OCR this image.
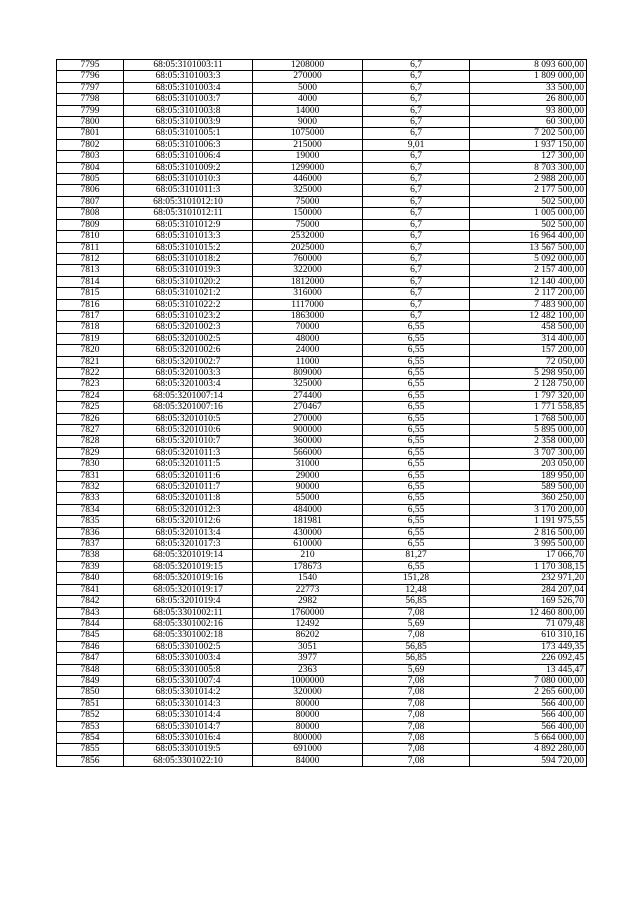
7795	68:05:3101003:11	1208000	6,7	8 093 600,00
7796	68:05:3101003:3	270000	6,7	1 809 000,00
7797	68:05:3101003:4	5000	6,7	33 500,00
7798	68:05:3101003:7	4000	6,7	26 800,00
7799	68:05:3101003:8	14000	6,7	93 800,00
7800	68:05:3101003:9	9000	6,7	60 300,00
7801	68:05:3101005:1	1075000	6,7	7 202 500,00
7802	68:05:3101006:3	215000	9,01	1 937 150,00
7803	68:05:3101006:4	19000	6,7	127 300,00
7804	68:05:3101009:2	1299000	6,7	8 703 300,00
7805	68:05:3101010:3	446000	6,7	2 988 200,00
7806	68:05:3101011:3	325000	6,7	2 177 500,00
7807	68:05:3101012:10	75000	6,7	502 500,00
7808	68:05:3101012:11	150000	6,7	1 005 000,00
7809	68:05:3101012:9	75000	6,7	502 500,00
7810	68:05:3101013:3	2532000	6,7	16 964 400,00
7811	68:05:3101015:2	2025000	6,7	13 567 500,00
7812	68:05:3101018:2	760000	6,7	5 092 000,00
7813	68:05:3101019:3	322000	6,7	2 157 400,00
7814	68:05:3101020:2	1812000	6,7	12 140 400,00
7815	68:05:3101021:2	316000	6,7	2 117 200,00
7816	68:05:3101022:2	1117000	6,7	7 483 900,00
7817	68:05:3101023:2	1863000	6,7	12 482 100,00
7818	68:05:3201002:3	70000	6,55	458 500,00
7819	68:05:3201002:5	48000	6,55	314 400,00
7820	68:05:3201002:6	24000	6,55	157 200,00
7821	68:05:3201002:7	11000	6,55	72 050,00
7822	68:05:3201003:3	809000	6,55	5 298 950,00
7823	68:05:3201003:4	325000	6,55	2 128 750,00
7824	68:05:3201007:14	274400	6,55	1 797 320,00
7825	68:05:3201007:16	270467	6,55	1 771 558,85
7826	68:05:3201010:5	270000	6,55	1 768 500,00
7827	68:05:3201010:6	900000	6,55	5 895 000,00
7828	68:05:3201010:7	360000	6,55	2 358 000,00
7829	68:05:3201011:3	566000	6,55	3 707 300,00
7830	68:05:3201011:5	31000	6,55	203 050,00
7831	68:05:3201011:6	29000	6,55	189 950,00
7832	68:05:3201011:7	90000	6,55	589 500,00
7833	68:05:3201011:8	55000	6,55	360 250,00
7834	68:05:3201012:3	484000	6,55	3 170 200,00
7835	68:05:3201012:6	181981	6,55	1 191 975,55
7836	68:05:3201013:4	430000	6,55	2 816 500,00
7837	68:05:3201017:3	610000	6,55	3 995 500,00
7838	68:05:3201019:14	210	81,27	17 066,70
7839	68:05:3201019:15	178673	6,55	1 170 308,15
7840	68:05:3201019:16	1540	151,28	232 971,20
7841	68:05:3201019:17	22773	12,48	284 207,04
7842	68:05:3201019:4	2982	56,85	169 526,70
7843	68:05:3301002:11	1760000	7,08	12 460 800,00
7844	68:05:3301002:16	12492	5,69	71 079,48
7845	68:05:3301002:18	86202	7,08	610 310,16
7846	68:05:3301002:5	3051	56,85	173 449,35
7847	68:05:3301003:4	3977	56,85	226 092,45
7848	68:05:3301005:8	2363	5,69	13 445,47
7849	68:05:3301007:4	1000000	7,08	7 080 000,00
7850	68:05:3301014:2	320000	7,08	2 265 600,00
7851	68:05:3301014:3	80000	7,08	566 400,00
7852	68:05:3301014:4	80000	7,08	566 400,00
7853	68:05:3301014:7	80000	7,08	566 400,00
7854	68:05:3301016:4	800000	7,08	5 664 000,00
7855	68:05:3301019:5	691000	7,08	4 892 280,00
7856	68:05:3301022:10	84000	7,08	594 720,00
